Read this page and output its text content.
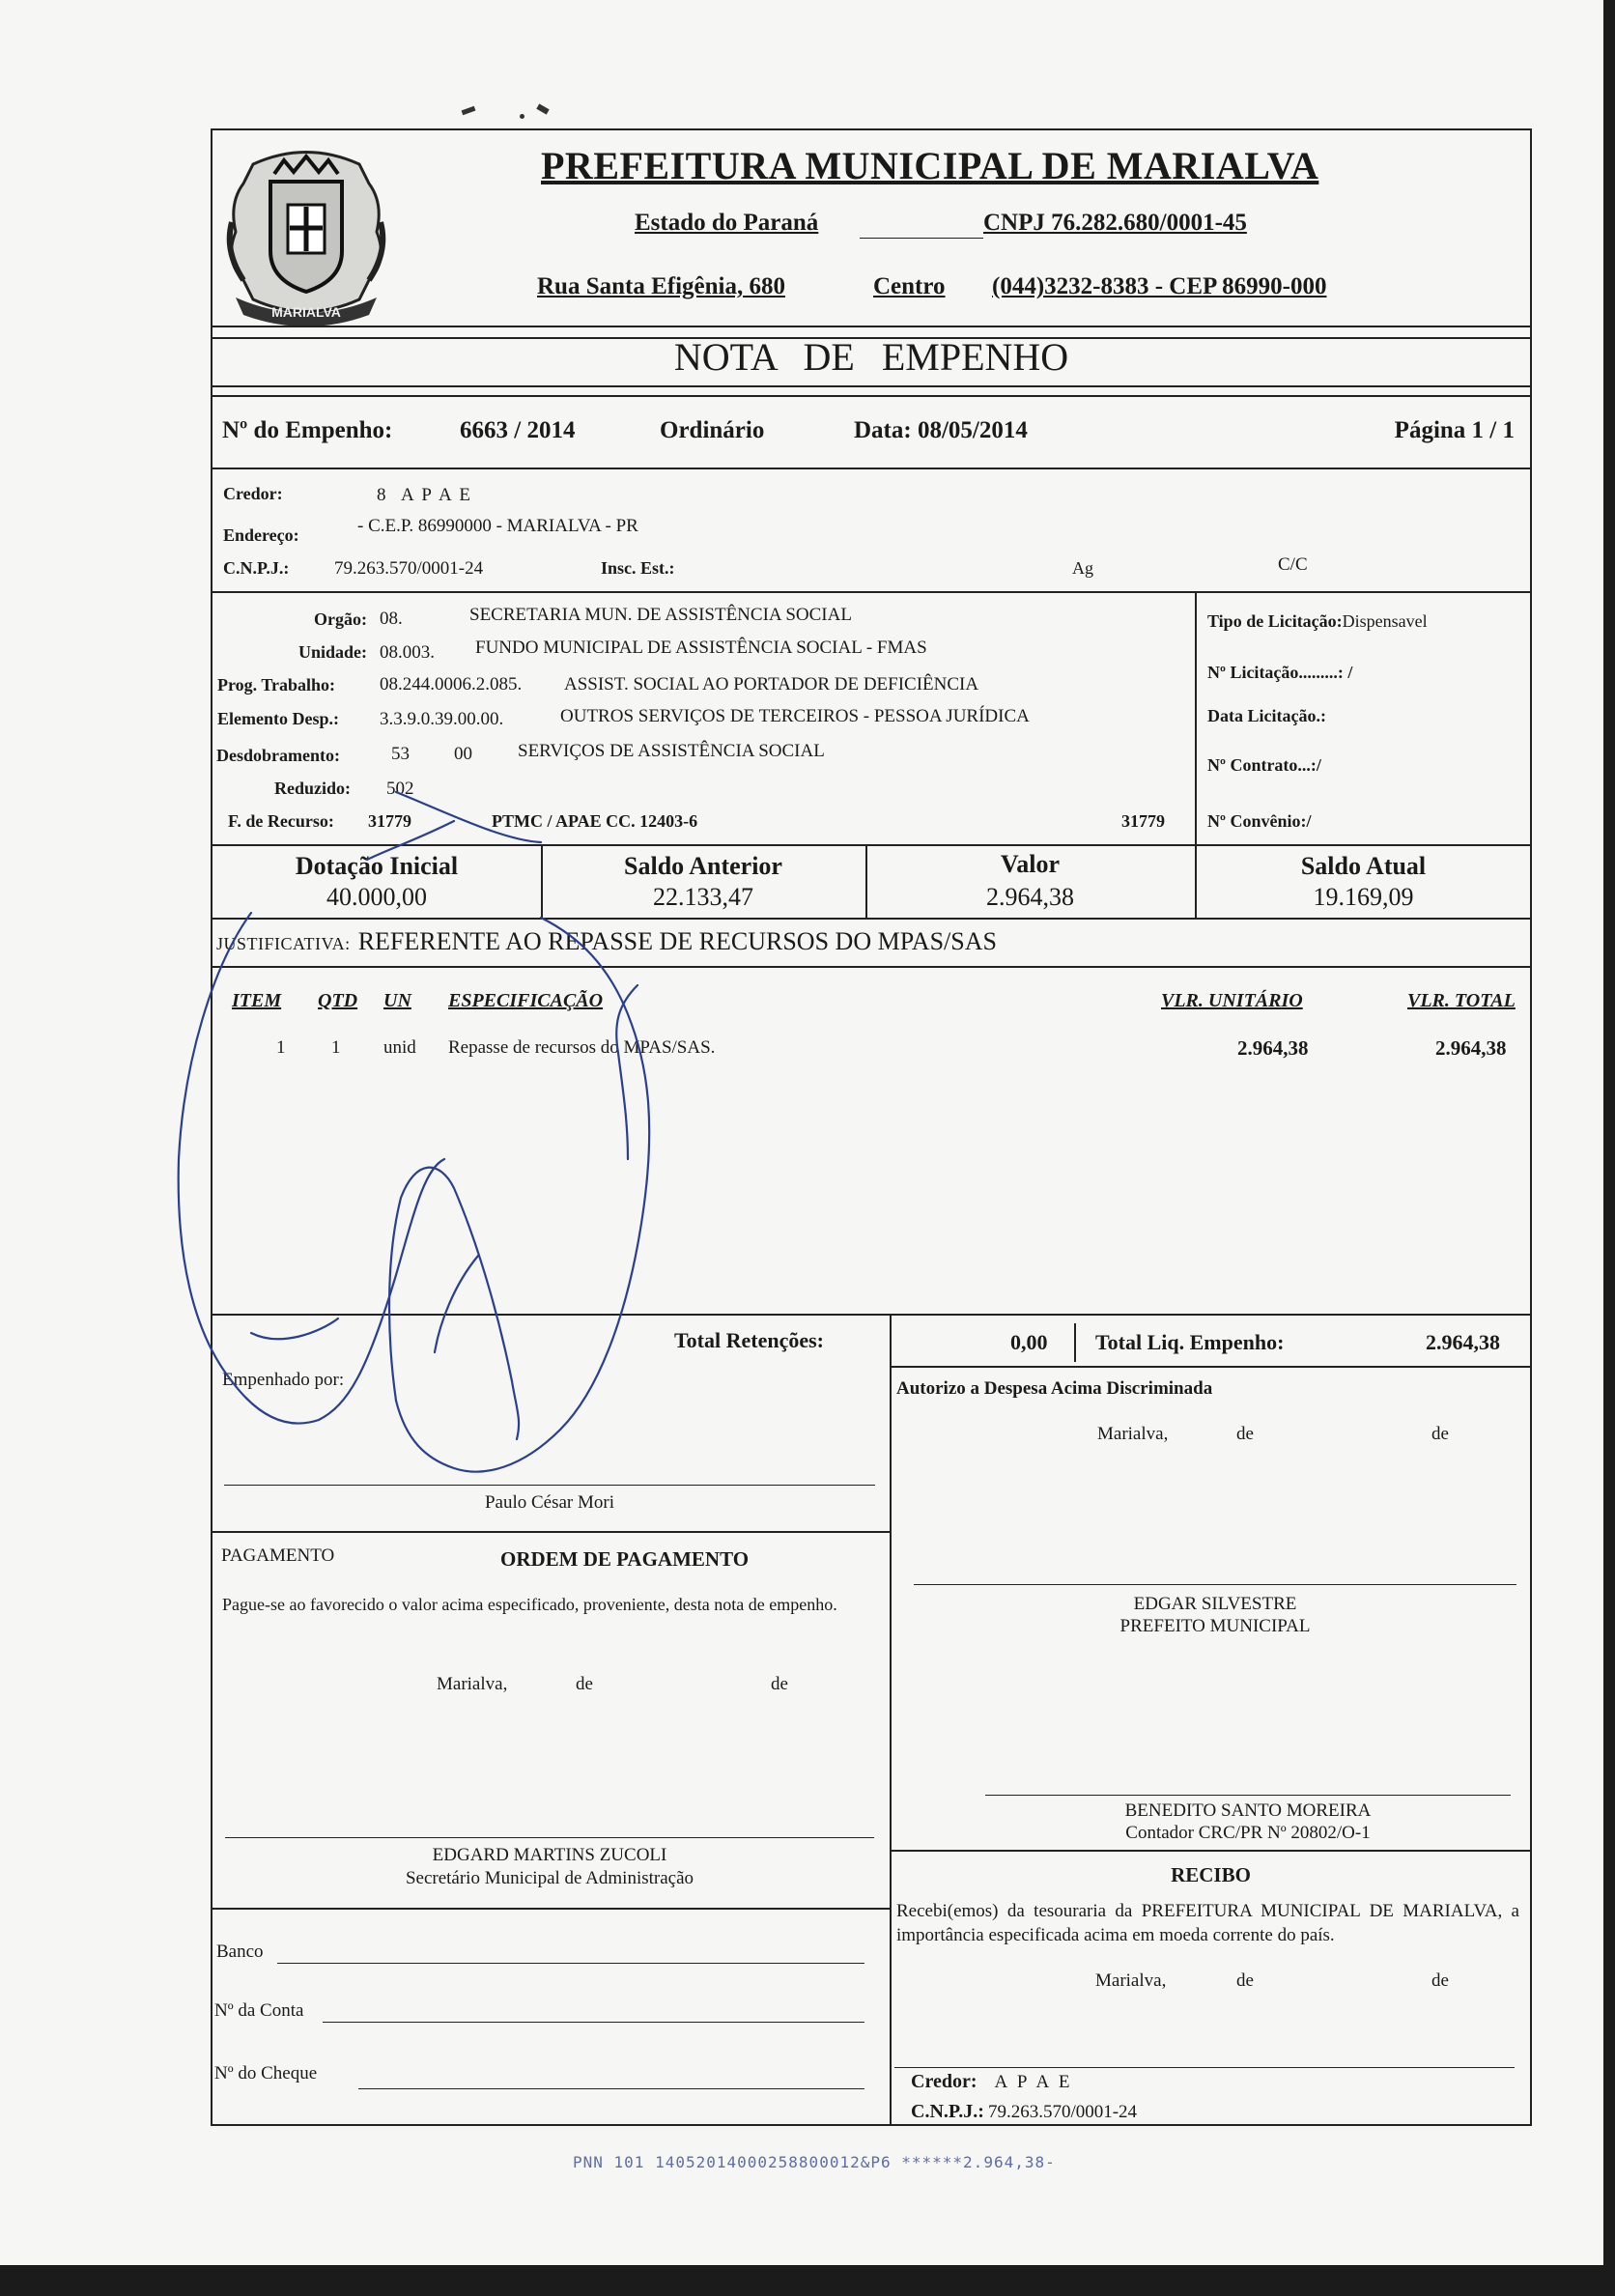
MARIALVA
PREFEITURA MUNICIPAL DE MARIALVA
Estado do Paraná	CNPJ 76.282.680/0001-45
Rua Santa Efigênia, 680	Centro (044)3232-8383 - CEP 86990-000
NOTA DE EMPENHO
Nº do Empenho:	6663 / 2014	Ordinário	Data: 08/05/2014	Página 1 / 1
Credor:	8 A P A E
Endereço:	- C.E.P. 86990000 - MARIALVA - PR
C.N.P.J.: 79.263.570/0001-24	Insc. Est.:	Ag	C/C
Orgão: 08.	SECRETARIA MUN. DE ASSISTÊNCIA SOCIAL
Unidade: 08.003. FUNDO MUNICIPAL DE ASSISTÊNCIA SOCIAL - FMAS
Prog. Trabalho: 08.244.0006.2.085. ASSIST. SOCIAL AO PORTADOR DE DEFICIÊNCIA
Elemento Desp.: 3.3.9.0.39.00.00.	OUTROS SERVIÇOS DE TERCEIROS - PESSOA JURÍDICA
Desdobramento:	53 00 SERVIÇOS DE ASSISTÊNCIA SOCIAL
Reduzido: 502
F. de Recurso: 31779	PTMC / APAE CC. 12403-6	31779
Tipo de Licitação:Dispensavel
Nº Licitação.........: /
Data Licitação.:
Nº Contrato...:/
Nº Convênio:/
Dotação Inicial
40.000,00
Saldo Anterior
22.133,47
Valor
2.964,38
Saldo Atual
19.169,09
JUSTIFICATIVA: REFERENTE AO REPASSE DE RECURSOS DO MPAS/SAS
ITEM QTD UN ESPECIFICAÇÃO	VLR. UNITÁRIO	VLR. TOTAL
1	1 unid Repasse de recursos do MPAS/SAS.	2.964,38	2.964,38
Total Retenções:	0,00 Total Liq. Empenho:	2.964,38
Empenhado por:
Paulo César Mori
Autorizo a Despesa Acima Discriminada
Marialva,	de	de
EDGAR SILVESTRE
PREFEITO MUNICIPAL
PAGAMENTO	ORDEM DE PAGAMENTO
Pague-se ao favorecido o valor acima especificado, proveniente, desta nota de empenho.
Marialva,	de	de
EDGARD MARTINS ZUCOLI
Secretário Municipal de Administração
Banco
Nº da Conta
Nº do Cheque
BENEDITO SANTO MOREIRA
Contador CRC/PR Nº 20802/O-1
RECIBO
Recebi(emos) da tesouraria da PREFEITURA MUNICIPAL DE MARIALVA, a importância especificada acima em moeda corrente do país.
Marialva,	de	de
Credor: A P A E
C.N.P.J.: 79.263.570/0001-24
PNN 101 14052014000258800012&P6 ******2.964,38-
